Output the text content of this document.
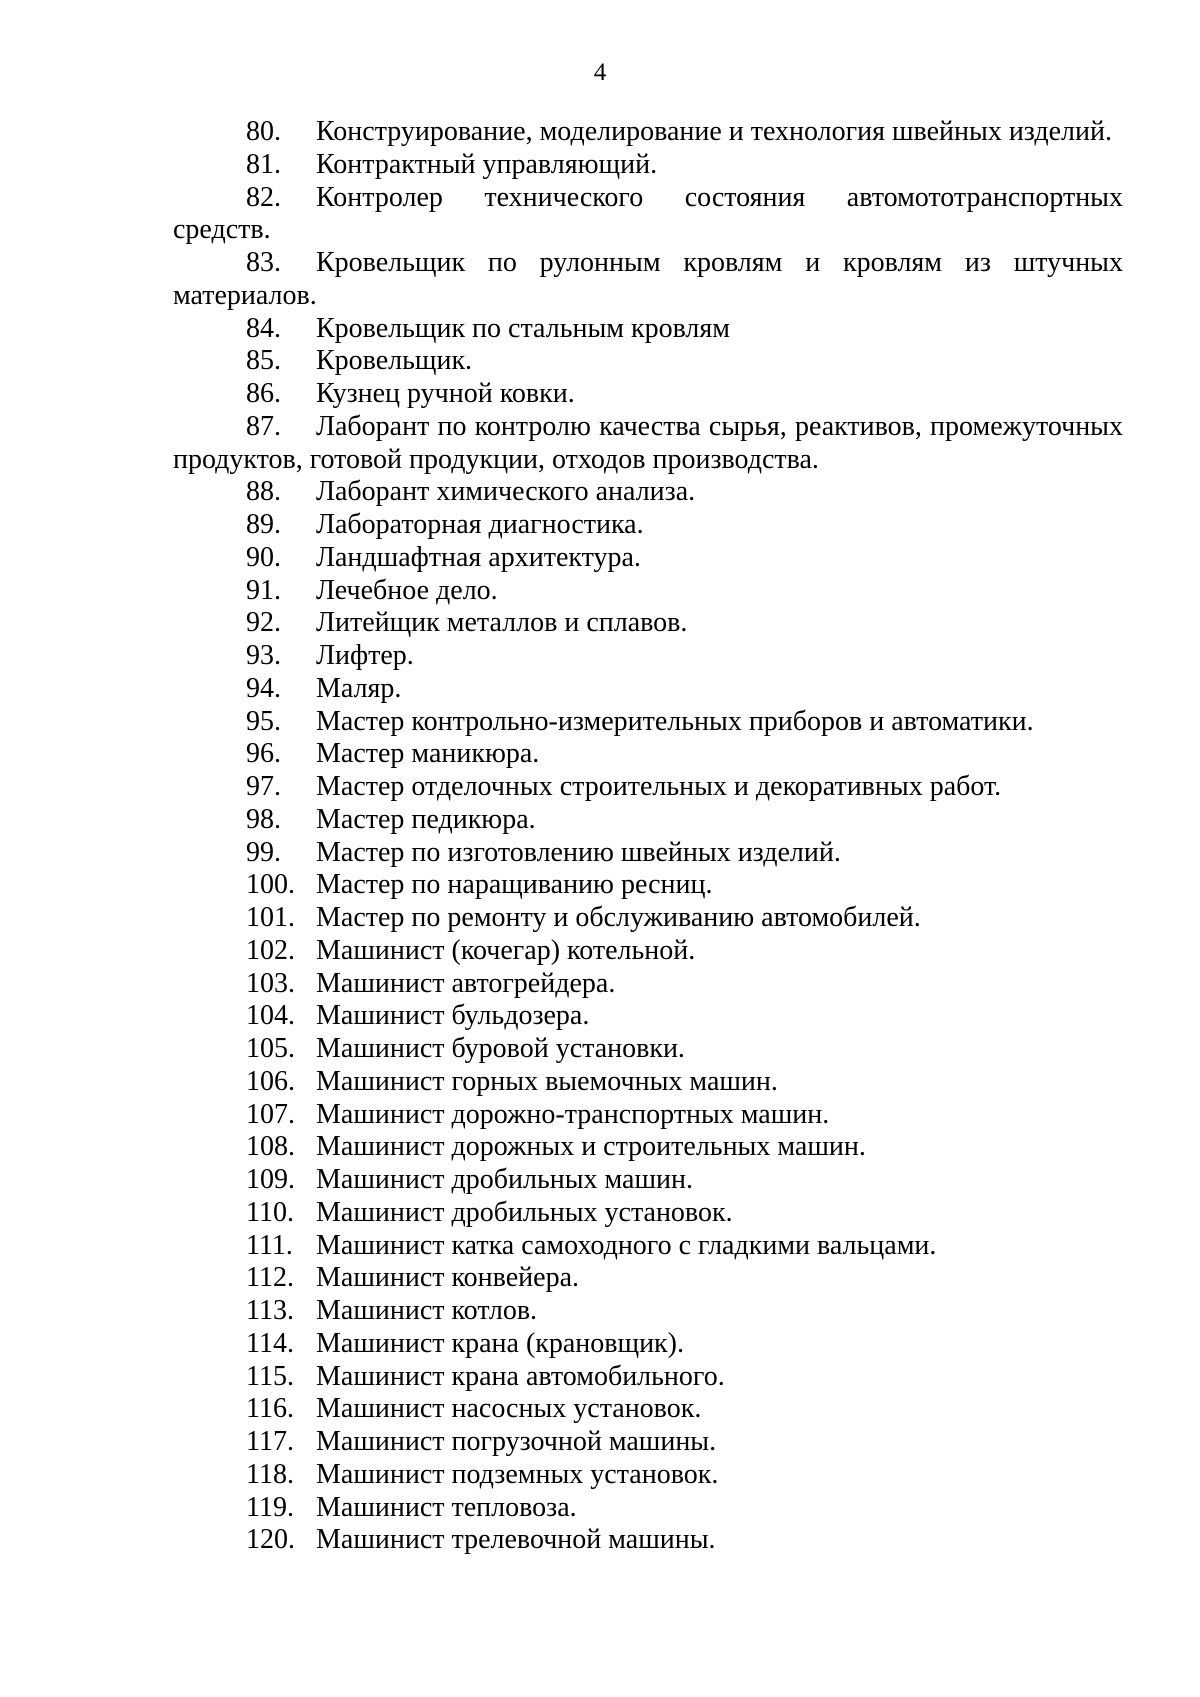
4
80. Конструирование, моделирование и технология швейных изделий.
81. Контрактный управляющий.
82. Контролер технического состояния автомототранспортных средств.
83. Кровельщик по рулонным кровлям и кровлям из штучных материалов.
84. Кровельщик по стальным кровлям
85. Кровельщик.
86. Кузнец ручной ковки.
87. Лаборант по контролю качества сырья, реактивов, промежуточных продуктов, готовой продукции, отходов производства.
88. Лаборант химического анализа.
89. Лабораторная диагностика.
90. Ландшафтная архитектура.
91. Лечебное дело.
92. Литейщик металлов и сплавов.
93. Лифтер.
94. Маляр.
95. Мастер контрольно-измерительных приборов и автоматики.
96. Мастер маникюра.
97. Мастер отделочных строительных и декоративных работ.
98. Мастер педикюра.
99. Мастер по изготовлению швейных изделий.
100. Мастер по наращиванию ресниц.
101. Мастер по ремонту и обслуживанию автомобилей.
102. Машинист (кочегар) котельной.
103. Машинист автогрейдера.
104. Машинист бульдозера.
105. Машинист буровой установки.
106. Машинист горных выемочных машин.
107. Машинист дорожно-транспортных машин.
108. Машинист дорожных и строительных машин.
109. Машинист дробильных машин.
110. Машинист дробильных установок.
111. Машинист катка самоходного с гладкими вальцами.
112. Машинист конвейера.
113. Машинист котлов.
114. Машинист крана (крановщик).
115. Машинист крана автомобильного.
116. Машинист насосных установок.
117. Машинист погрузочной машины.
118. Машинист подземных установок.
119. Машинист тепловоза.
120. Машинист трелевочной машины.
